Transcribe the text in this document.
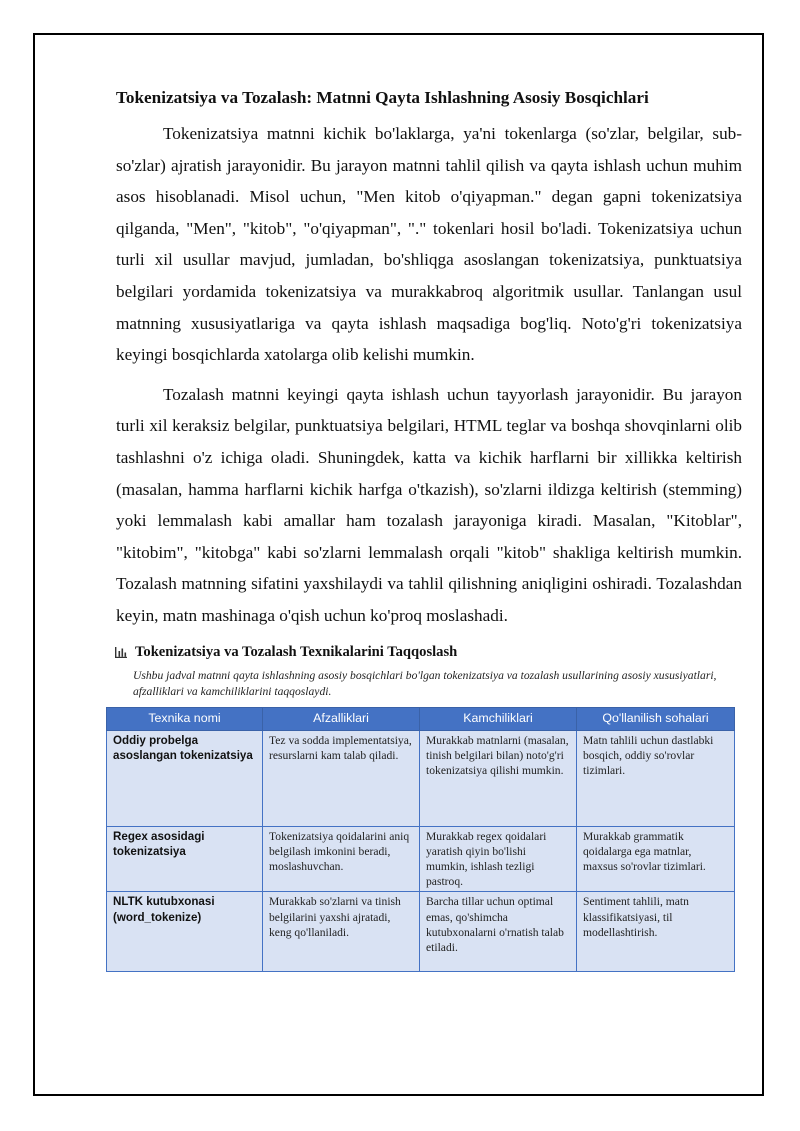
Tokenizatsiya va Tozalash: Matnni Qayta Ishlashning Asosiy Bosqichlari

Tokenizatsiya matnni kichik bo'laklarga, ya'ni tokenlarga (so'zlar, belgilar, sub-so'zlar) ajratish jarayonidir. Bu jarayon matnni tahlil qilish va qayta ishlash uchun muhim asos hisoblanadi. Misol uchun, "Men kitob o'qiyapman." degan gapni tokenizatsiya qilganda, "Men", "kitob", "o'qiyapman", "." tokenlari hosil bo'ladi. Tokenizatsiya uchun turli xil usullar mavjud, jumladan, bo'shliqga asoslangan tokenizatsiya, punktuatsiya belgilari yordamida tokenizatsiya va murakkabroq algoritmik usullar. Tanlangan usul matnning xususiyatlariga va qayta ishlash maqsadiga bog'liq. Noto'g'ri tokenizatsiya keyingi bosqichlarda xatolarga olib kelishi mumkin.

Tozalash matnni keyingi qayta ishlash uchun tayyorlash jarayonidir. Bu jarayon turli xil keraksiz belgilar, punktuatsiya belgilari, HTML teglar va boshqa shovqinlarni olib tashlashni o'z ichiga oladi. Shuningdek, katta va kichik harflarni bir xillikka keltirish (masalan, hamma harflarni kichik harfga o'tkazish), so'zlarni ildizga keltirish (stemming) yoki lemmalash kabi amallar ham tozalash jarayoniga kiradi. Masalan, "Kitoblar", "kitobim", "kitobga" kabi so'zlarni lemmalash orqali "kitob" shakliga keltirish mumkin. Tozalash matnning sifatini yaxshilaydi va tahlil qilishning aniqligini oshiradi. Tozalashdan keyin, matn mashinaga o'qish uchun ko'proq moslashadi.

Tokenizatsiya va Tozalash Texnikalarini Taqqoslash
Ushbu jadval matnni qayta ishlashning asosiy bosqichlari bo'lgan tokenizatsiya va tozalash usullarining asosiy xususiyatlari, afzalliklari va kamchiliklarini taqqoslaydi.
Texnika nomi	Afzalliklari	Kamchiliklari	Qo'llanilish sohalari
Oddiy probelga asoslangan tokenizatsiya	Tez va sodda implementatsiya, resurslarni kam talab qiladi.	Murakkab matnlarni (masalan, tinish belgilari bilan) noto'g'ri tokenizatsiya qilishi mumkin.	Matn tahlili uchun dastlabki bosqich, oddiy so'rovlar tizimlari.
Regex asosidagi tokenizatsiya	Tokenizatsiya qoidalarini aniq belgilash imkonini beradi, moslashuvchan.	Murakkab regex qoidalari yaratish qiyin bo'lishi mumkin, ishlash tezligi pastroq.	Murakkab grammatik qoidalarga ega matnlar, maxsus so'rovlar tizimlari.
NLTK kutubxonasi (word_tokenize)	Murakkab so'zlarni va tinish belgilarini yaxshi ajratadi, keng qo'llaniladi.	Barcha tillar uchun optimal emas, qo'shimcha kutubxonalarni o'rnatish talab etiladi.	Sentiment tahlili, matn klassifikatsiyasi, til modellashtirish.
